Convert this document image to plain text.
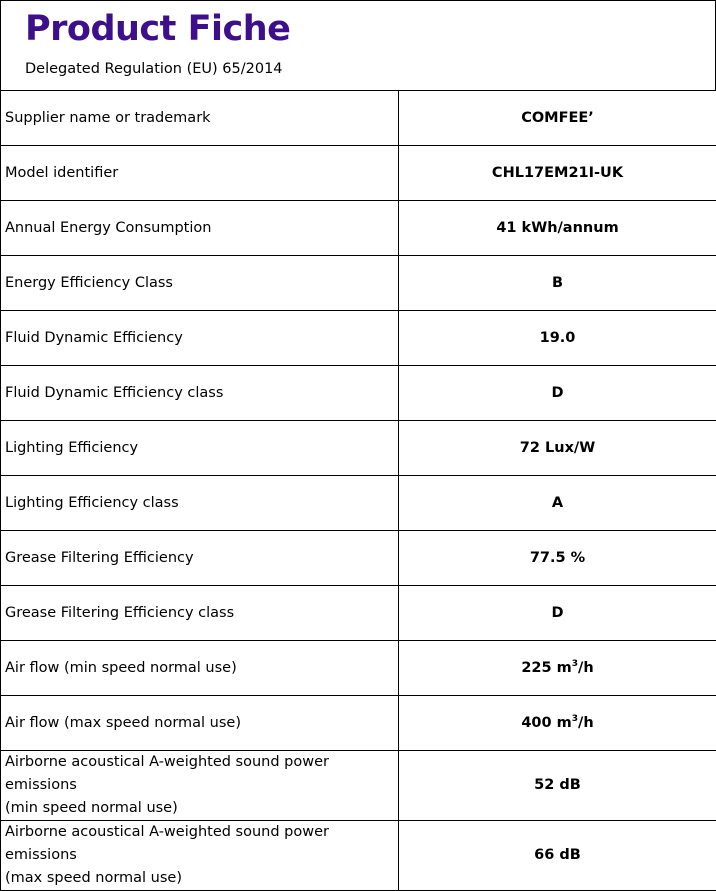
Product Fiche
Delegated Regulation (EU) 65/2014
Supplier name or trademark	COMFEE’
Model identifier	CHL17EM21I-UK
Annual Energy Consumption	41 kWh/annum
Energy Efficiency Class	B
Fluid Dynamic Efficiency	19.0
Fluid Dynamic Efficiency class	D
Lighting Efficiency	72 Lux/W
Lighting Efficiency class	A
Grease Filtering Efficiency	77.5 %
Grease Filtering Efficiency class	D
Air flow (min speed normal use)	225 $m^3/h$
Air flow (max speed normal use)	400 $m^3/h$
Airborne acoustical A-weighted sound power emissions
(min speed normal use)	52 dB
Airborne acoustical A-weighted sound power emissions
(max speed normal use)	66 dB
